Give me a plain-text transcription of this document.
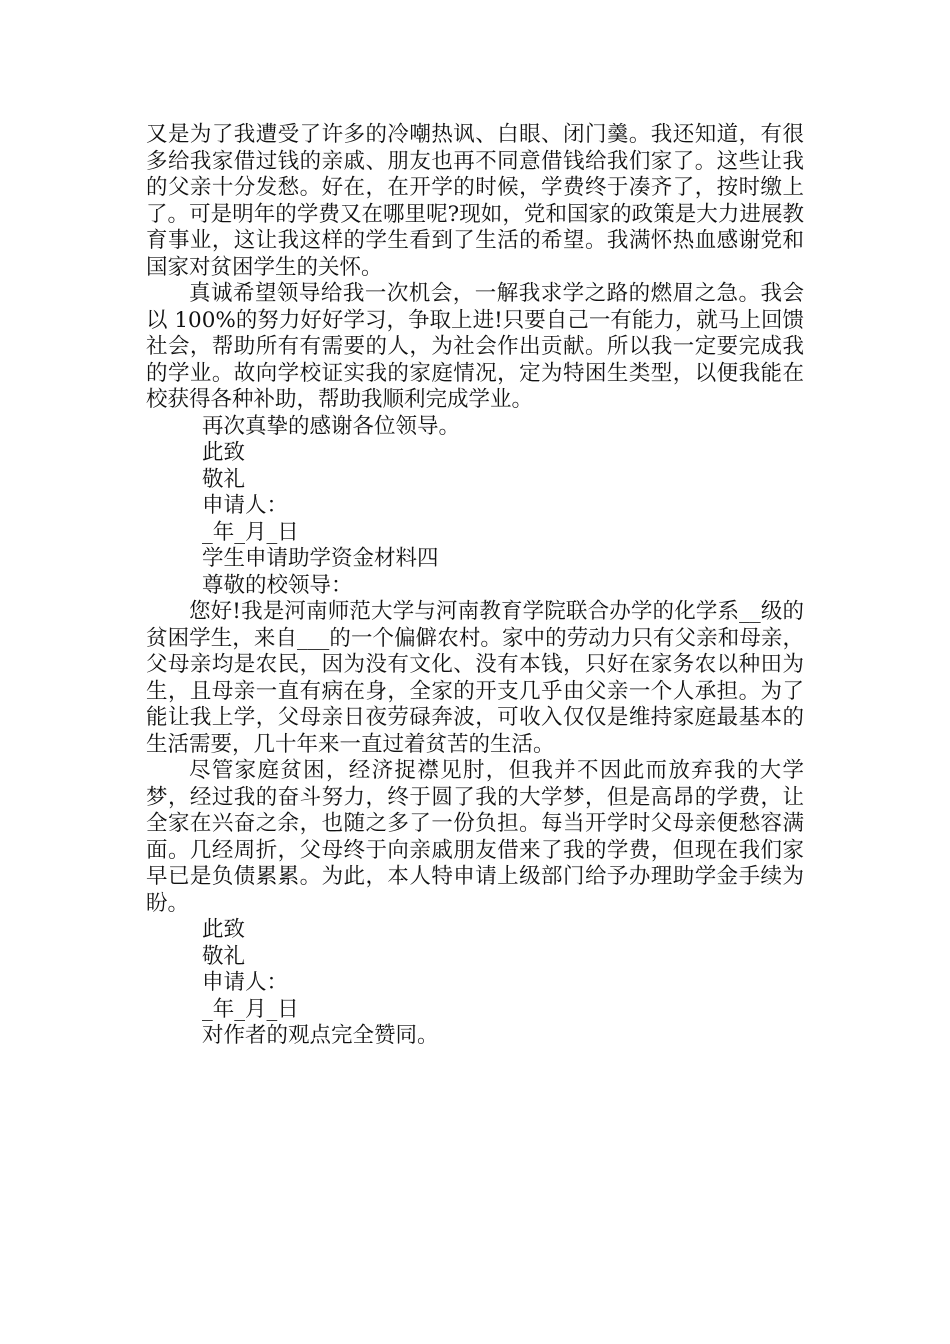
又是为了我遭受了许多的冷嘲热讽、白眼、闭门羹。我还知道，有很多给我家借过钱的亲戚、朋友也再不同意借钱给我们家了。这些让我的父亲十分发愁。好在，在开学的时候，学费终于凑齐了，按时缴上了。可是明年的学费又在哪里呢?现如，党和国家的政策是大力进展教育事业，这让我这样的学生看到了生活的希望。我满怀热血感谢党和国家对贫困学生的关怀。

真诚希望领导给我一次机会，一解我求学之路的燃眉之急。我会以 100%的努力好好学习，争取上进!只要自己一有能力，就马上回馈社会，帮助所有有需要的人，为社会作出贡献。所以我一定要完成我的学业。故向学校证实我的家庭情况，定为特困生类型，以便我能在校获得各种补助，帮助我顺利完成学业。

再次真挚的感谢各位领导。

此致

敬礼

申请人：

_年_月_日

学生申请助学资金材料四

尊敬的校领导：

您好!我是河南师范大学与河南教育学院联合办学的化学系__级的贫困学生，来自___的一个偏僻农村。家中的劳动力只有父亲和母亲，父母亲均是农民，因为没有文化、没有本钱，只好在家务农以种田为生，且母亲一直有病在身，全家的开支几乎由父亲一个人承担。为了能让我上学，父母亲日夜劳碌奔波，可收入仅仅是维持家庭最基本的生活需要，几十年来一直过着贫苦的生活。

尽管家庭贫困，经济捉襟见肘，但我并不因此而放弃我的大学梦，经过我的奋斗努力，终于圆了我的大学梦，但是高昂的学费，让全家在兴奋之余，也随之多了一份负担。每当开学时父母亲便愁容满面。几经周折，父母终于向亲戚朋友借来了我的学费，但现在我们家早已是负债累累。为此，本人特申请上级部门给予办理助学金手续为盼。

此致

敬礼

申请人：

_年_月_日

对作者的观点完全赞同。
